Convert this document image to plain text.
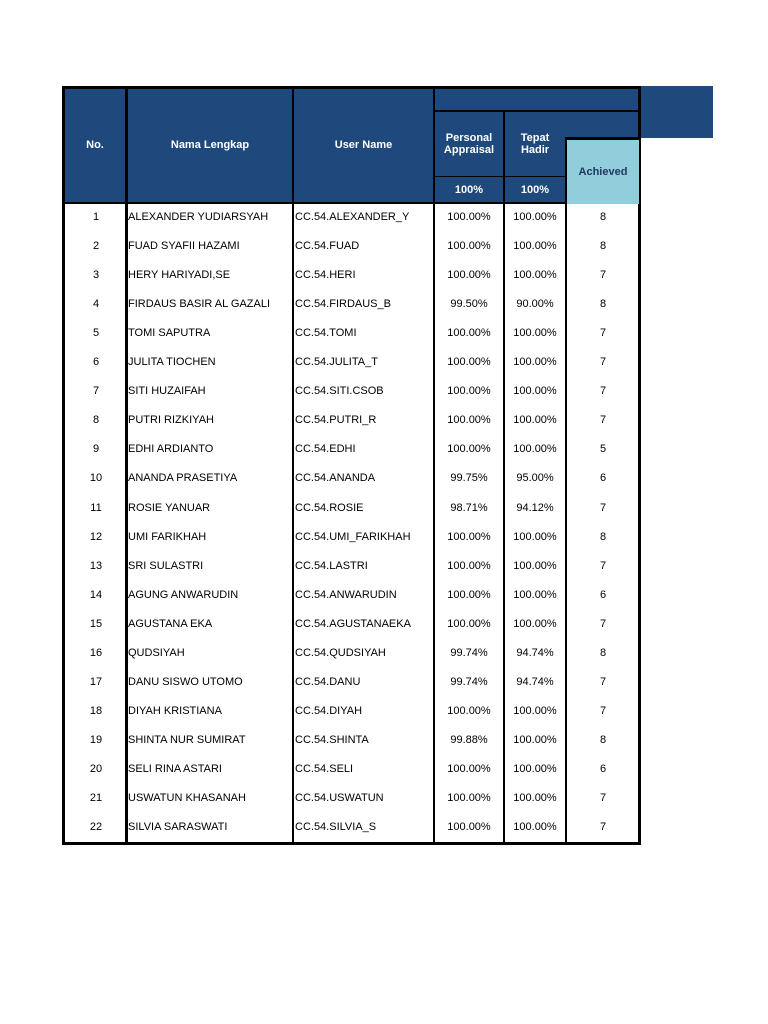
No.	Nama Lengkap	User Name
Personal
Appraisal
Tepat
Hadir
100%	100%
Achieved
1	ALEXANDER YUDIARSYAH	CC.54.ALEXANDER_Y	100.00%	100.00%	8
2	FUAD SYAFII HAZAMI	CC.54.FUAD	100.00%	100.00%	8
3	HERY HARIYADI,SE	CC.54.HERI	100.00%	100.00%	7
4	FIRDAUS BASIR AL GAZALI	CC.54.FIRDAUS_B	99.50%	90.00%	8
5	TOMI SAPUTRA	CC.54.TOMI	100.00%	100.00%	7
6	JULITA TIOCHEN	CC.54.JULITA_T	100.00%	100.00%	7
7	SITI HUZAIFAH	CC.54.SITI.CSOB	100.00%	100.00%	7
8	PUTRI RIZKIYAH	CC.54.PUTRI_R	100.00%	100.00%	7
9	EDHI ARDIANTO	CC.54.EDHI	100.00%	100.00%	5
10	ANANDA PRASETIYA	CC.54.ANANDA	99.75%	95.00%	6
11	ROSIE YANUAR	CC.54.ROSIE	98.71%	94.12%	7
12	UMI FARIKHAH	CC.54.UMI_FARIKHAH	100.00%	100.00%	8
13	SRI SULASTRI	CC.54.LASTRI	100.00%	100.00%	7
14	AGUNG ANWARUDIN	CC.54.ANWARUDIN	100.00%	100.00%	6
15	AGUSTANA EKA	CC.54.AGUSTANAEKA	100.00%	100.00%	7
16	QUDSIYAH	CC.54.QUDSIYAH	99.74%	94.74%	8
17	DANU SISWO UTOMO	CC.54.DANU	99.74%	94.74%	7
18	DIYAH KRISTIANA	CC.54.DIYAH	100.00%	100.00%	7
19	SHINTA NUR SUMIRAT	CC.54.SHINTA	99.88%	100.00%	8
20	SELI RINA ASTARI	CC.54.SELI	100.00%	100.00%	6
21	USWATUN KHASANAH	CC.54.USWATUN	100.00%	100.00%	7
22	SILVIA SARASWATI	CC.54.SILVIA_S	100.00%	100.00%	7
